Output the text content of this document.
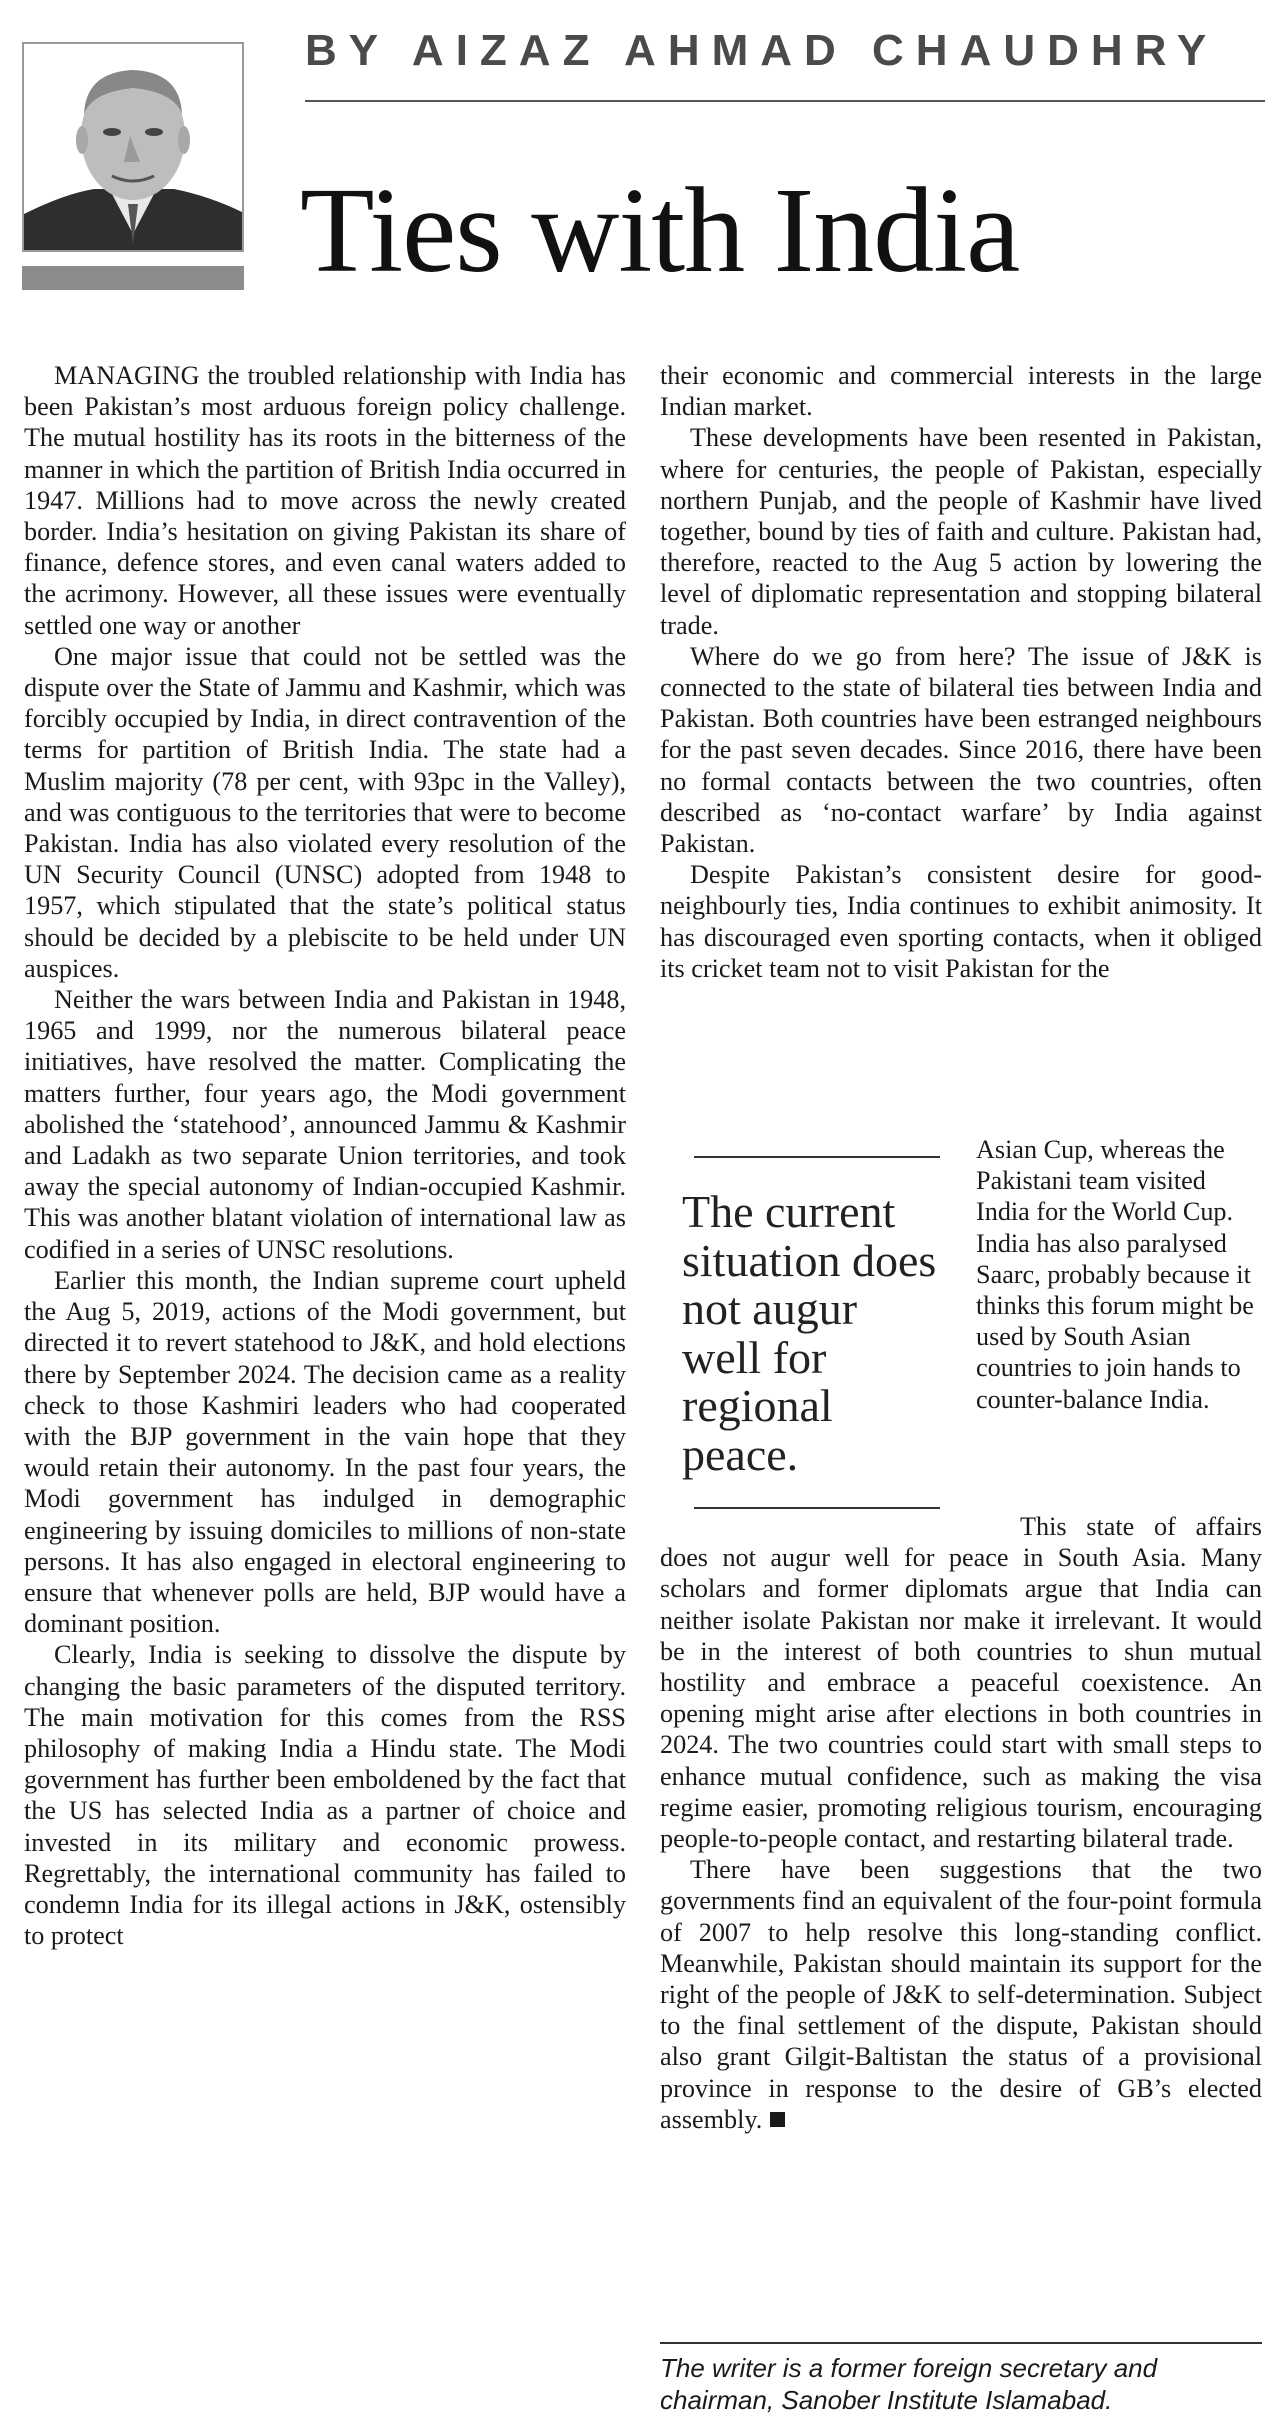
BY AIZAZ AHMAD CHAUDHRY
Ties with India

MANAGING the troubled relationship with India has been Pakistan’s most arduous foreign policy challenge. The mutual hostility has its roots in the bitterness of the manner in which the partition of British India occurred in 1947. Millions had to move across the newly created border. India’s hesitation on giving Pakistan its share of finance, defence stores, and even canal waters added to the acrimony. However, all these issues were eventually settled one way or another

One major issue that could not be settled was the dispute over the State of Jammu and Kashmir, which was forcibly occupied by India, in direct contravention of the terms for partition of British India. The state had a Muslim majority (78 per cent, with 93pc in the Valley), and was contiguous to the territories that were to become Pakistan. India has also violated every resolution of the UN Security Council (UNSC) adopted from 1948 to 1957, which stipulated that the state’s political status should be decided by a plebiscite to be held under UN auspices.

Neither the wars between India and Pakistan in 1948, 1965 and 1999, nor the numerous bilateral peace initiatives, have resolved the matter. Complicating the matters further, four years ago, the Modi government abolished the ‘statehood’, announced Jammu & Kashmir and Ladakh as two separate Union territories, and took away the special autonomy of Indian-occupied Kashmir. This was another blatant violation of international law as codified in a series of UNSC resolutions.

Earlier this month, the Indian supreme court upheld the Aug 5, 2019, actions of the Modi government, but directed it to revert statehood to J&K, and hold elections there by September 2024. The decision came as a reality check to those Kashmiri leaders who had cooperated with the BJP government in the vain hope that they would retain their autonomy. In the past four years, the Modi government has indulged in demographic engineering by issuing domiciles to millions of non-state persons. It has also engaged in electoral engineering to ensure that whenever polls are held, BJP would have a dominant position.

Clearly, India is seeking to dissolve the dispute by changing the basic parameters of the disputed territory. The main motivation for this comes from the RSS philosophy of making India a Hindu state. The Modi government has further been emboldened by the fact that the US has selected India as a partner of choice and invested in its military and economic prowess. Regrettably, the international community has failed to condemn India for its illegal actions in J&K, ostensibly to protect

their economic and commercial interests in the large Indian market.

These developments have been resented in Pakistan, where for centuries, the people of Pakistan, especially northern Punjab, and the people of Kashmir have lived together, bound by ties of faith and culture. Pakistan had, therefore, reacted to the Aug 5 action by lowering the level of diplomatic representation and stopping bilateral trade.

Where do we go from here? The issue of J&K is connected to the state of bilateral ties between India and Pakistan. Both countries have been estranged neighbours for the past seven decades. Since 2016, there have been no formal contacts between the two countries, often described as ‘no-contact warfare’ by India against Pakistan.

Despite Pakistan’s consistent desire for good-neighbourly ties, India continues to exhibit animosity. It has discouraged even sporting contacts, when it obliged its cricket team not to visit Pakistan for the

The current situation does not augur well for regional peace.

Asian Cup, whereas the Pakistani team visited India for the World Cup. India has also paralysed Saarc, probably because it thinks this forum might be used by South Asian countries to join hands to counter-balance India.

This state of affairs does not augur well for peace in South Asia. Many scholars and former diplomats argue that India can neither isolate Pakistan nor make it irrelevant. It would be in the interest of both countries to shun mutual hostility and embrace a peaceful coexistence. An opening might arise after elections in both countries in 2024. The two countries could start with small steps to enhance mutual confidence, such as making the visa regime easier, promoting religious tourism, encouraging people-to-people contact, and restarting bilateral trade.

There have been suggestions that the two governments find an equivalent of the four-point formula of 2007 to help resolve this long-standing conflict. Meanwhile, Pakistan should maintain its support for the right of the people of J&K to self-determination. Subject to the final settlement of the dispute, Pakistan should also grant Gilgit-Baltistan the status of a provisional province in response to the desire of GB’s elected assembly.

The writer is a former foreign secretary and chairman, Sanober Institute Islamabad.
